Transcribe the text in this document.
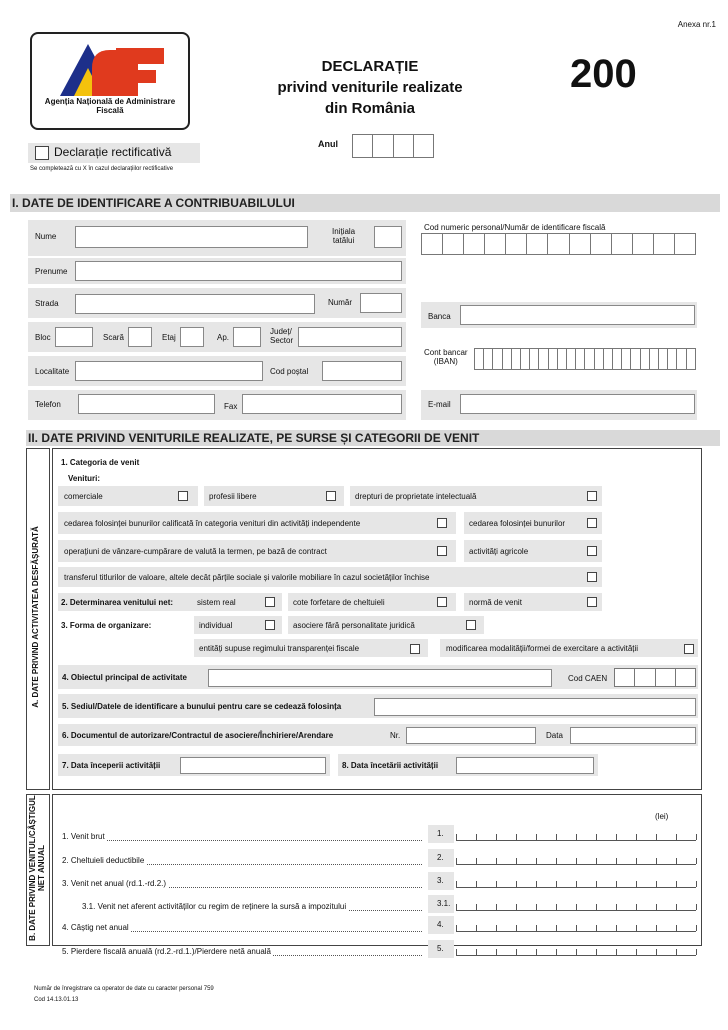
Anexa nr.1
Agenția Națională de Administrare Fiscală
DECLARAȚIE
privind veniturile realizate
din România
200
Anul
Declarație rectificativă
Se completează cu X în cazul declarațiilor rectificative
I. DATE DE IDENTIFICARE A CONTRIBUABILULUI
Nume
Inițiala
tatălui
Cod numeric personal/Număr de identificare fiscală
Prenume
Strada	Număr
Banca
Bloc	Scară	Etaj	Ap.
Județ/
Sector
Cont bancar
(IBAN)
Localitate	Cod poștal
Telefon	Fax	E-mail
II. DATE PRIVIND VENITURILE REALIZATE, PE SURSE ȘI CATEGORII DE VENIT
A. DATE PRIVIND ACTIVITATEA DESFĂȘURATĂ
1. Categoria de venit
Venituri:
comerciale	profesii libere	drepturi de proprietate intelectuală
cedarea folosinței bunurilor calificată în categoria venituri din activități independente	cedarea folosinței bunurilor
operațiuni de vânzare-cumpărare de valută la termen, pe bază de contract	activități agricole
transferul titlurilor de valoare, altele decât părțile sociale și valorile mobiliare în cazul societăților închise
2. Determinarea venitului net:	sistem real	cote forfetare de cheltuieli	normă de venit
3. Forma de organizare:	individual	asociere fără personalitate juridică
entități supuse regimului transparenței fiscale	modificarea modalității/formei de exercitare a activității
4. Obiectul principal de activitate	Cod CAEN
5. Sediul/Datele de identificare a bunului pentru care se cedează folosința
6. Documentul de autorizare/Contractul de asociere/Închiriere/Arendare	Nr.	Data
7. Data începerii activității	8. Data încetării activității
B. DATE PRIVIND VENITUL/CÂȘTIGUL NET ANUAL
(lei)
1. Venit brut	1.
2. Cheltuieli deductibile	2.
3. Venit net anual (rd.1.-rd.2.)	3.
3.1. Venit net aferent activităților cu regim de reținere la sursă a impozitului	3.1.
4. Câștig net anual	4.
5. Pierdere fiscală anuală (rd.2.-rd.1.)/Pierdere netă anuală	5.
Număr de înregistrare ca operator de date cu caracter personal 759
Cod 14.13.01.13
